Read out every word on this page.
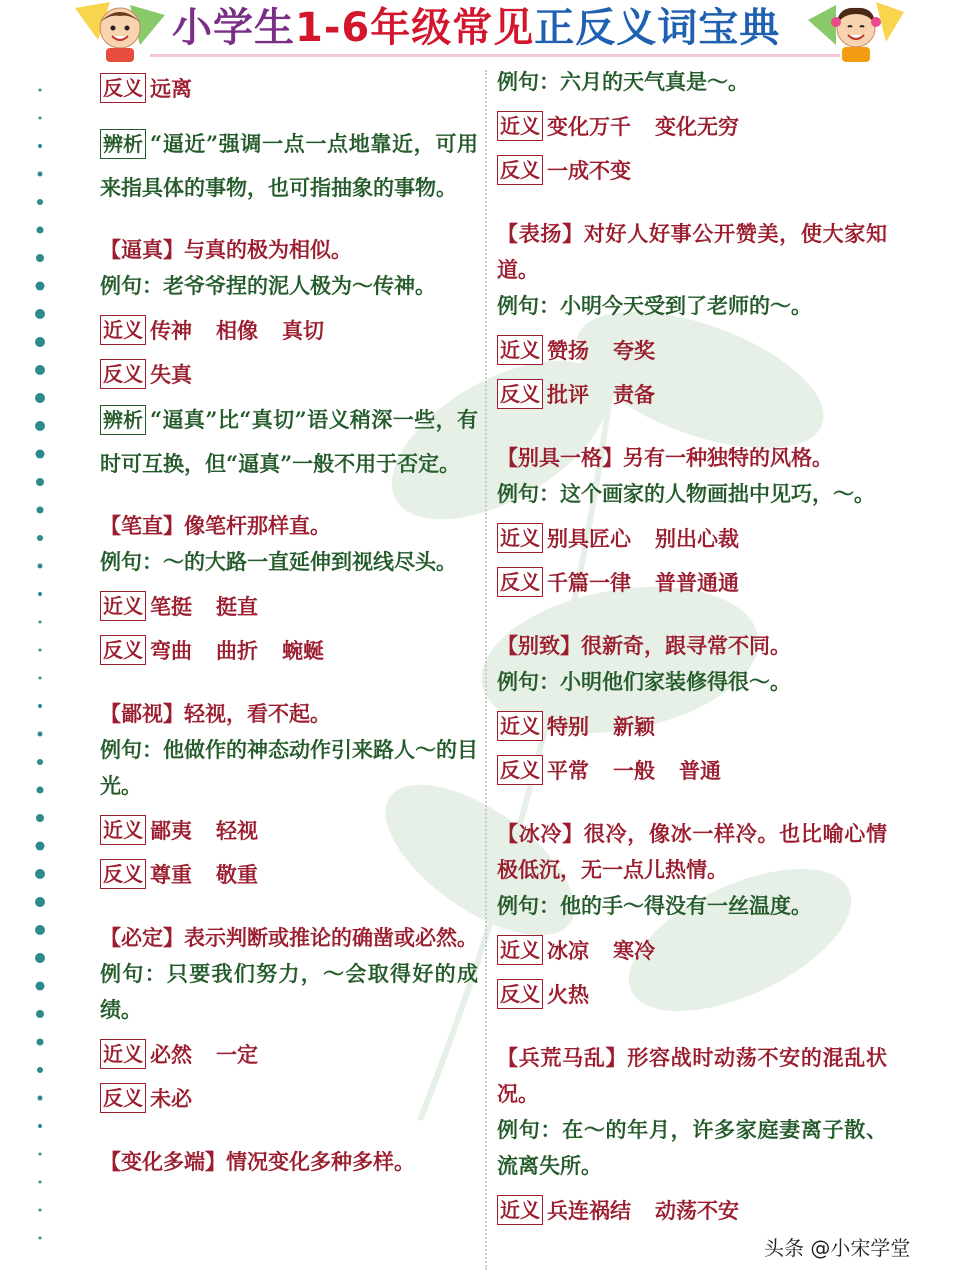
小学生1-6年级常见正反义词宝典
反义 远离
辨析 “逼近”强调一点一点地靠近，可用来指具体的事物，也可指抽象的事物。
【逼真】与真的极为相似。
例句：老爷爷捏的泥人极为～传神。
近义 传神 相像 真切
反义 失真
辨析 “逼真”比“真切”语义稍深一些，有时可互换，但“逼真”一般不用于否定。
【笔直】像笔杆那样直。
例句：～的大路一直延伸到视线尽头。
近义 笔挺 挺直
反义 弯曲 曲折 蜿蜒
【鄙视】轻视，看不起。
例句：他做作的神态动作引来路人～的目光。
近义 鄙夷 轻视
反义 尊重 敬重
【必定】表示判断或推论的确凿或必然。
例句：只要我们努力，～会取得好的成绩。
近义 必然 一定
反义 未必
【变化多端】情况变化多种多样。
例句：六月的天气真是～。
近义 变化万千 变化无穷
反义 一成不变
【表扬】对好人好事公开赞美，使大家知道。
例句：小明今天受到了老师的～。
近义 赞扬 夸奖
反义 批评 责备
【别具一格】另有一种独特的风格。
例句：这个画家的人物画拙中见巧，～。
近义 别具匠心 别出心裁
反义 千篇一律 普普通通
【别致】很新奇，跟寻常不同。
例句：小明他们家装修得很～。
近义 特别 新颖
反义 平常 一般 普通
【冰冷】很冷，像冰一样冷。也比喻心情极低沉，无一点儿热情。
例句：他的手～得没有一丝温度。
近义 冰凉 寒冷
反义 火热
【兵荒马乱】形容战时动荡不安的混乱状况。
例句：在～的年月，许多家庭妻离子散、流离失所。
近义 兵连祸结 动荡不安
头条 @小宋学堂
